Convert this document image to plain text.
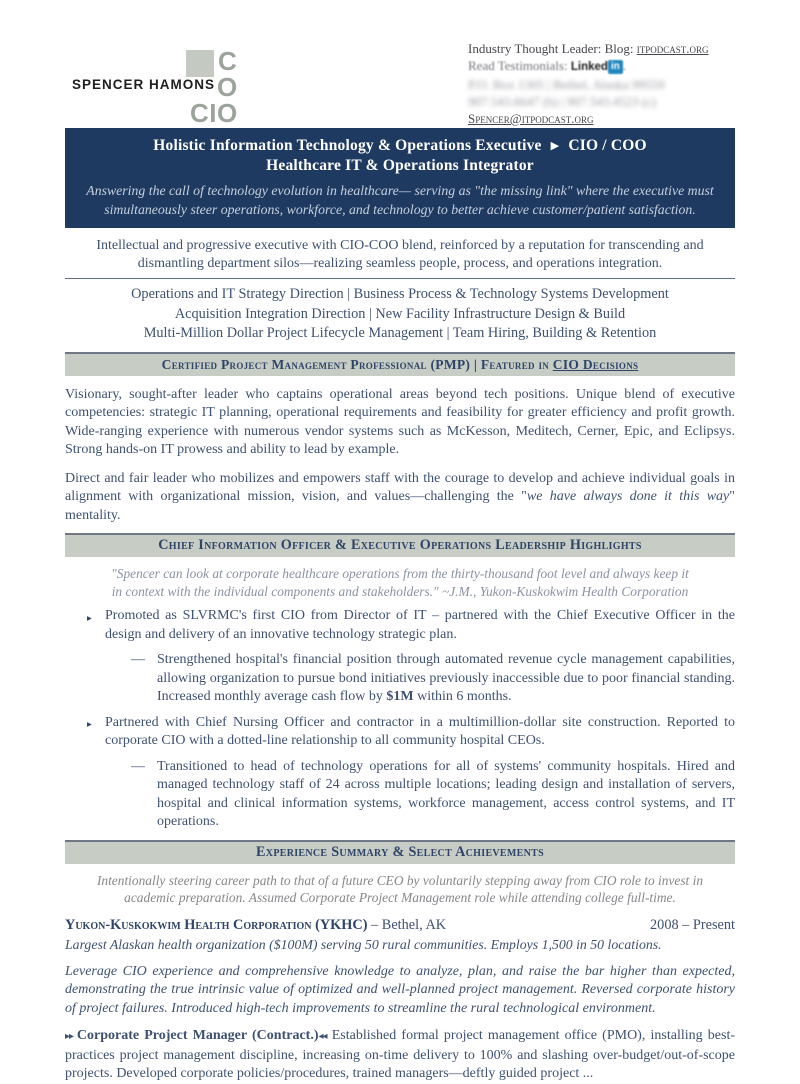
C
SPENCER HAMONS O
CIO
Industry Thought Leader: Blog: itpodcast.org
Read Testimonials: Linked in .
P.O. Box 1305 | Bethel, Alaska 99559
907.543.6647 (h) | 907.543.4523 (c)
Spencer@itpodcast.org
Holistic Information Technology & Operations Executive ▶ CIO / COO
Healthcare IT & Operations Integrator
Answering the call of technology evolution in healthcare— serving as "the missing link" where the executive must simultaneously steer operations, workforce, and technology to better achieve customer/patient satisfaction.

Intellectual and progressive executive with CIO-COO blend, reinforced by a reputation for transcending and dismantling department silos—realizing seamless people, process, and operations integration.

Operations and IT Strategy Direction | Business Process & Technology Systems Development
Acquisition Integration Direction | New Facility Infrastructure Design & Build
Multi-Million Dollar Project Lifecycle Management | Team Hiring, Building & Retention
Certified Project Management Professional (PMP) | Featured in CIO Decisions

Visionary, sought-after leader who captains operational areas beyond tech positions. Unique blend of executive competencies: strategic IT planning, operational requirements and feasibility for greater efficiency and profit growth. Wide-ranging experience with numerous vendor systems such as McKesson, Meditech, Cerner, Epic, and Eclipsys. Strong hands-on IT prowess and ability to lead by example.

Direct and fair leader who mobilizes and empowers staff with the courage to develop and achieve individual goals in alignment with organizational mission, vision, and values—challenging the "we have always done it this way" mentality.

Chief Information Officer & Executive Operations Leadership Highlights
"Spencer can look at corporate healthcare operations from the thirty-thousand foot level and always keep it
in context with the individual components and stakeholders." ~J.M., Yukon-Kuskokwim Health Corporation
▸ Promoted as SLVRMC's first CIO from Director of IT – partnered with the Chief Executive Officer in the design and delivery of an innovative technology strategic plan.
— Strengthened hospital's financial position through automated revenue cycle management capabilities, allowing organization to pursue bond initiatives previously inaccessible due to poor financial standing. Increased monthly average cash flow by $1M within 6 months.
▸ Partnered with Chief Nursing Officer and contractor in a multimillion-dollar site construction. Reported to corporate CIO with a dotted-line relationship to all community hospital CEOs.
— Transitioned to head of technology operations for all of systems' community hospitals. Hired and managed technology staff of 24 across multiple locations; leading design and installation of servers, hospital and clinical information systems, workforce management, access control systems, and IT operations.
Experience Summary & Select Achievements

Intentionally steering career path to that of a future CEO by voluntarily stepping away from CIO role to invest in academic preparation. Assumed Corporate Project Management role while attending college full-time.

Yukon-Kuskokwim Health Corporation (YKHC) – Bethel, AK	2008 – Present

Largest Alaskan health organization ($100M) serving 50 rural communities. Employs 1,500 in 50 locations.

Leverage CIO experience and comprehensive knowledge to analyze, plan, and raise the bar higher than expected, demonstrating the true intrinsic value of optimized and well-planned project management. Reversed corporate history of project failures. Introduced high-tech improvements to streamline the rural technological environment.

▸▸ Corporate Project Manager (Contract.)◂◂ Established formal project management office (PMO), installing best-practices project management discipline, increasing on-time delivery to 100% and slashing over-budget/out-of-scope projects. Developed corporate policies/procedures, trained managers—deftly guided project ...
